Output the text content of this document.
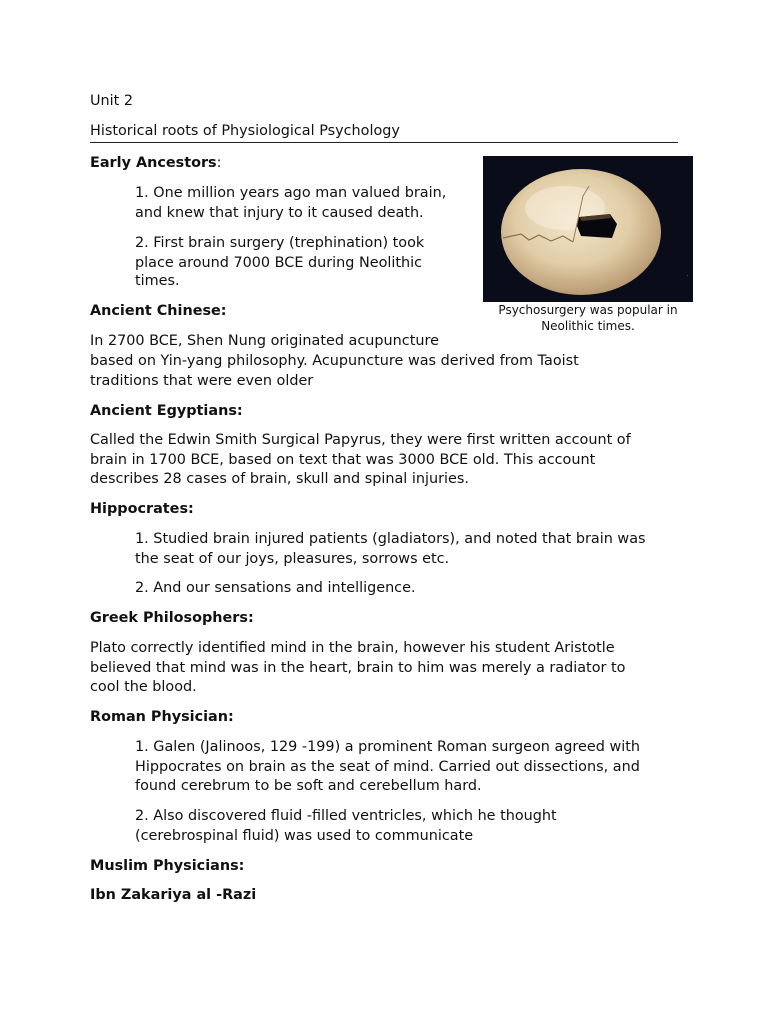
Unit 2
Historical roots of Physiological Psychology
Early Ancestors:
1. One million years ago man valued brain,
and knew that injury to it caused death.
2. First brain surgery (trephination) took
place around 7000 BCE during Neolithic
times.	.
Psychosurgery was popular in
Neolithic times.
Ancient Chinese:
In 2700 BCE, Shen Nung originated acupuncture
based on Yin-yang philosophy. Acupuncture was derived from Taoist
traditions that were even older
Ancient Egyptians:
Called the Edwin Smith Surgical Papyrus, they were first written account of
brain in 1700 BCE, based on text that was 3000 BCE old. This account
describes 28 cases of brain, skull and spinal injuries.
Hippocrates:
1. Studied brain injured patients (gladiators), and noted that brain was
the seat of our joys, pleasures, sorrows etc.
2. And our sensations and intelligence.
Greek Philosophers:
Plato correctly identified mind in the brain, however his student Aristotle
believed that mind was in the heart, brain to him was merely a radiator to
cool the blood.
Roman Physician:
1. Galen (Jalinoos, 129 -199) a prominent Roman surgeon agreed with
Hippocrates on brain as the seat of mind. Carried out dissections, and
found cerebrum to be soft and cerebellum hard.
2. Also discovered fluid -filled ventricles, which he thought
(cerebrospinal fluid) was used to communicate
Muslim Physicians:
Ibn Zakariya al -Razi
